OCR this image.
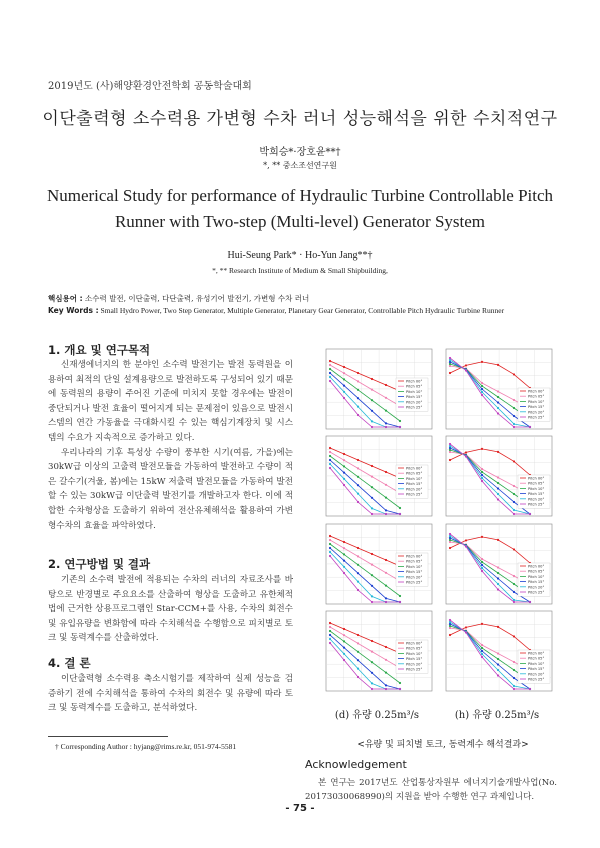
2019년도 (사)해양환경안전학회 공동학술대회
이단출력형 소수력용 가변형 수차 러너 성능해석을 위한 수치적연구
박희승*·장호윤**†
*, ** 중소조선연구원
Numerical Study for performance of Hydraulic Turbine Controllable Pitch Runner with Two-step (Multi-level) Generator System
Hui-Seung Park* · Ho-Yun Jang**†
*, ** Research Institute of Medium & Small Shipbuilding,
핵심용어 : 소수력 발전, 이단출력, 다단출력, 유성기어 발전기, 가변형 수차 러너
Key Words : Small Hydro Power, Two Step Generator, Multiple Generator, Planetary Gear Generator, Controllable Pitch Hydraulic Turbine Runner
1. 개요 및 연구목적

신재생에너지의 한 분야인 소수력 발전기는 발전 동력원을 이용하여 최적의 단일 설계용량으로 발전하도록 구성되어 있기 때문에 동력원의 용량이 주어진 기준에 미치지 못할 경우에는 발전이 중단되거나 발전 효율이 떨어지게 되는 문제점이 있음으로 발전시스템의 연간 가동율을 극대화시킬 수 있는 핵심기계장치 및 시스템의 수요가 지속적으로 증가하고 있다.

우리나라의 기후 특성상 수량이 풍부한 시기(여름, 가을)에는 30kW급 이상의 고출력 발전모듈을 가동하여 발전하고 수량이 적은 갈수기(겨울, 봄)에는 15kW 저출력 발전모듈을 가동하여 발전할 수 있는 30kW급 이단출력 발전기를 개발하고자 한다. 이에 적합한 수차형상을 도출하기 위하여 전산유체해석을 활용하여 가변형수차의 효율을 파악하였다.

2. 연구방법 및 결과

기존의 소수력 발전에 적용되는 수차의 러너의 자료조사를 바탕으로 반경별로 주요요소를 산출하여 형상을 도출하고 유한체적법에 근거한 상용프로그램인 Star-CCM+를 사용, 수차의 회전수 및 유입유량을 변화함에 따라 수치해석을 수행함으로 피치별로 토크 및 동력계수를 산출하였다.

4. 결 론

이단출력형 소수력용 축소시험기를 제작하여 실제 성능을 검증하기 전에 수치해석을 통하여 수차의 회전수 및 유량에 따라 토크 및 동력계수를 도출하고, 분석하였다.

† Corresponding Author : hyjang@rims.re.kr, 051-974-5581
Pitch 00°
Pitch 05°
Pitch 10°
Pitch 15°
Pitch 20°
Pitch 25°
Pitch 00°
Pitch 05°
Pitch 10°
Pitch 15°
Pitch 20°
Pitch 25°
Pitch 00°
Pitch 05°
Pitch 10°
Pitch 15°
Pitch 20°
Pitch 25°
Pitch 00°
Pitch 05°
Pitch 10°
Pitch 15°
Pitch 20°
Pitch 25°
Pitch 00°
Pitch 05°
Pitch 10°
Pitch 15°
Pitch 20°
Pitch 25°
Pitch 00°
Pitch 05°
Pitch 10°
Pitch 15°
Pitch 20°
Pitch 25°
Pitch 00°
Pitch 05°
Pitch 10°
Pitch 15°
Pitch 20°
Pitch 25°
(d) 유량 0.25m³/s
Pitch 00°
Pitch 05°
Pitch 10°
Pitch 15°
Pitch 20°
Pitch 25°
(h) 유량 0.25m³/s
<유량 및 피치별 토크, 동력계수 해석결과>
Acknowledgement

본 연구는 2017년도 산업통상자원부 에너지기술개발사업(No. 20173030068990)의 지원을 받아 수행한 연구 과제입니다.

- 75 -
